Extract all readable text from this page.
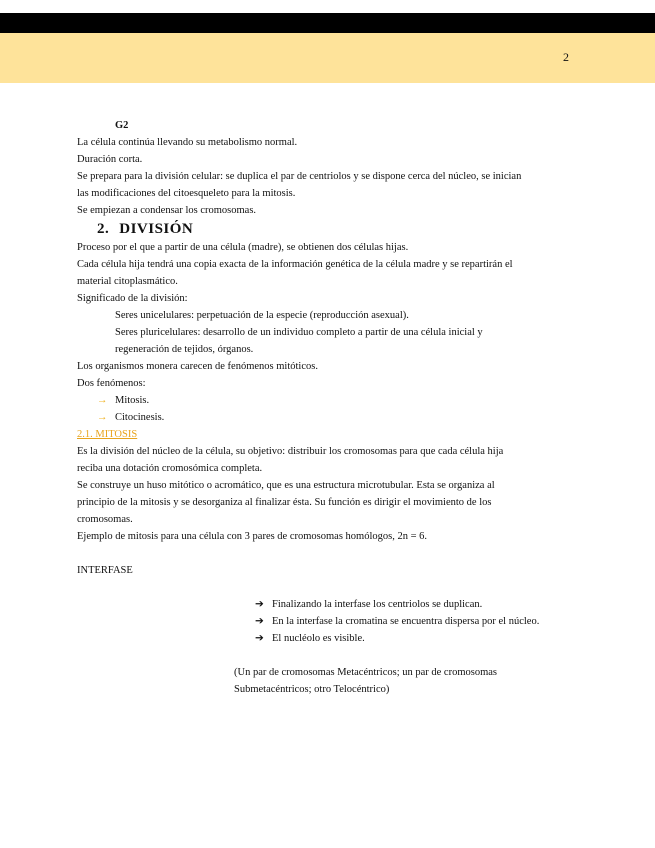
2

G2

La célula continúa llevando su metabolismo normal.

Duración corta.

Se prepara para la división celular: se duplica el par de centriolos y se dispone cerca del núcleo, se inician

las modificaciones del citoesqueleto para la mitosis.

Se empiezan a condensar los cromosomas.

2. DIVISIÓN

Proceso por el que a partir de una célula (madre), se obtienen dos células hijas.

Cada célula hija tendrá una copia exacta de la información genética de la célula madre y se repartirán el

material citoplasmático.

Significado de la división:

Seres unicelulares: perpetuación de la especie (reproducción asexual).

Seres pluricelulares: desarrollo de un individuo completo a partir de una célula inicial y

regeneración de tejidos, órganos.

Los organismos monera carecen de fenómenos mitóticos.

Dos fenómenos:

→ Mitosis.

→ Citocinesis.

2.1. MITOSIS

Es la división del núcleo de la célula, su objetivo: distribuir los cromosomas para que cada célula hija

reciba una dotación cromosómica completa.

Se construye un huso mitótico o acromático, que es una estructura microtubular. Esta se organiza al

principio de la mitosis y se desorganiza al finalizar ésta. Su función es dirigir el movimiento de los

cromosomas.

Ejemplo de mitosis para una célula con 3 pares de cromosomas homólogos, 2n = 6.

INTERFASE

➔ Finalizando la interfase los centriolos se duplican.

➔ En la interfase la cromatina se encuentra dispersa por el núcleo.

➔ El nucléolo es visible.

(Un par de cromosomas Metacéntricos; un par de cromosomas

Submetacéntricos; otro Telocéntrico)
